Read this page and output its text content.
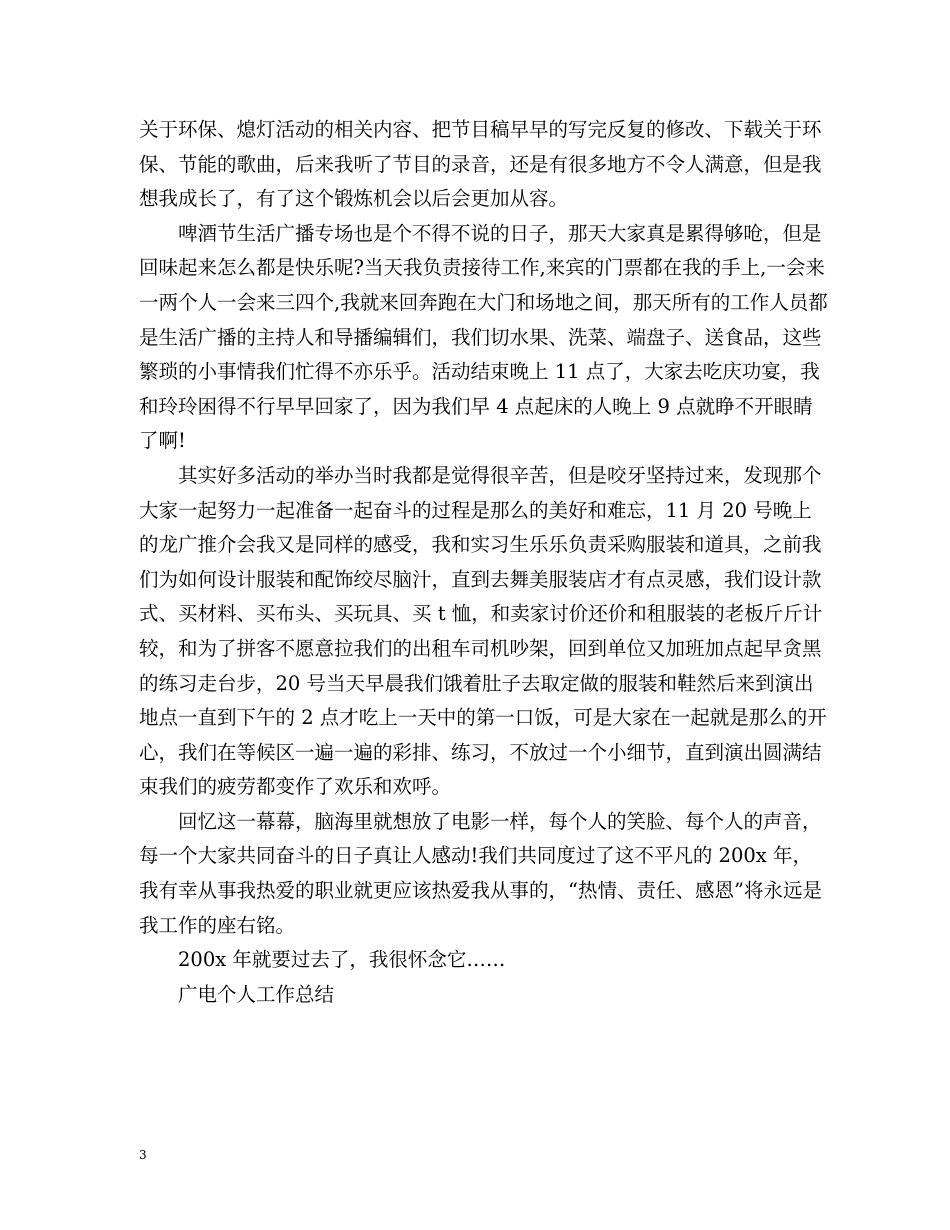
关于环保、熄灯活动的相关内容、把节目稿早早的写完反复的修改、下载关于环保、节能的歌曲，后来我听了节目的录音，还是有很多地方不令人满意，但是我想我成长了，有了这个锻炼机会以后会更加从容。

啤酒节生活广播专场也是个不得不说的日子，那天大家真是累得够呛，但是回味起来怎么都是快乐呢?当天我负责接待工作,来宾的门票都在我的手上,一会来一两个人一会来三四个,我就来回奔跑在大门和场地之间，那天所有的工作人员都是生活广播的主持人和导播编辑们，我们切水果、洗菜、端盘子、送食品，这些繁琐的小事情我们忙得不亦乐乎。活动结束晚上 11 点了，大家去吃庆功宴，我和玲玲困得不行早早回家了，因为我们早 4 点起床的人晚上 9 点就睁不开眼睛了啊!

其实好多活动的举办当时我都是觉得很辛苦，但是咬牙坚持过来，发现那个大家一起努力一起准备一起奋斗的过程是那么的美好和难忘，11 月 20 号晚上的龙广推介会我又是同样的感受，我和实习生乐乐负责采购服装和道具，之前我们为如何设计服装和配饰绞尽脑汁，直到去舞美服装店才有点灵感，我们设计款式、买材料、买布头、买玩具、买 t 恤，和卖家讨价还价和租服装的老板斤斤计较，和为了拼客不愿意拉我们的出租车司机吵架，回到单位又加班加点起早贪黑的练习走台步，20 号当天早晨我们饿着肚子去取定做的服装和鞋然后来到演出地点一直到下午的 2 点才吃上一天中的第一口饭，可是大家在一起就是那么的开心，我们在等候区一遍一遍的彩排、练习，不放过一个小细节，直到演出圆满结束我们的疲劳都变作了欢乐和欢呼。

回忆这一幕幕，脑海里就想放了电影一样，每个人的笑脸、每个人的声音，每一个大家共同奋斗的日子真让人感动!我们共同度过了这不平凡的 200x 年，我有幸从事我热爱的职业就更应该热爱我从事的，“热情、责任、感恩”将永远是我工作的座右铭。

200x 年就要过去了，我很怀念它……

广电个人工作总结

3
